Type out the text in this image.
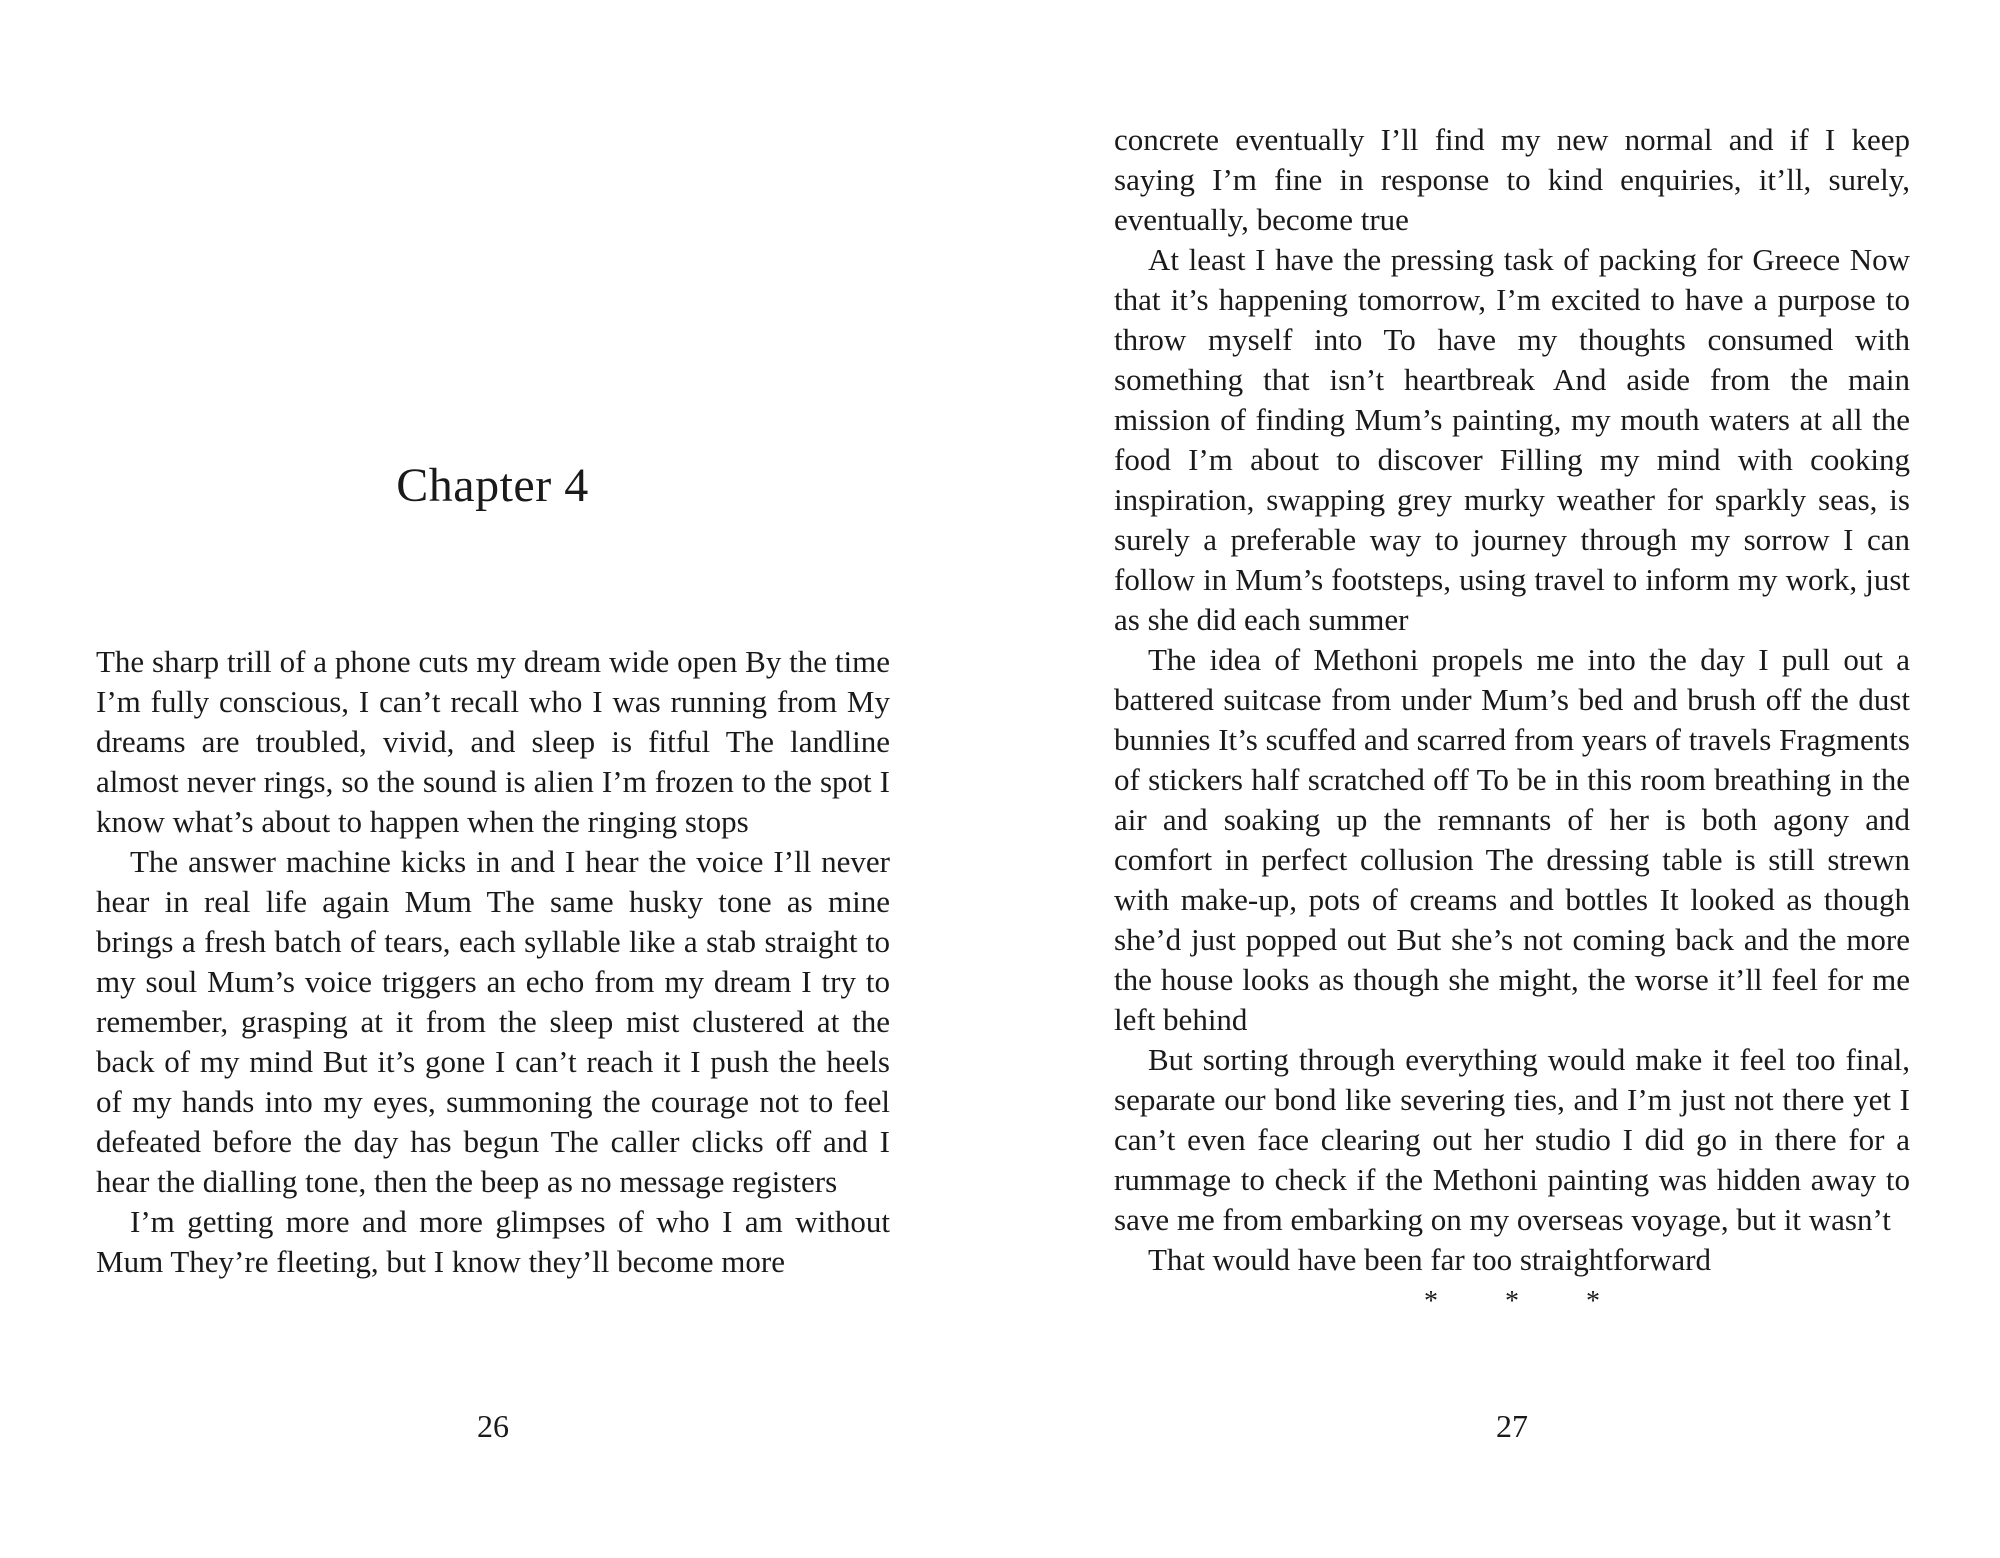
Chapter 4

The sharp trill of a phone cuts my dream wide open By the time I’m fully conscious, I can’t recall who I was running from My dreams are troubled, vivid, and sleep is fitful The landline almost never rings, so the sound is alien I’m frozen to the spot I know what’s about to happen when the ringing stops

The answer machine kicks in and I hear the voice I’ll never hear in real life again Mum The same husky tone as mine brings a fresh batch of tears, each syllable like a stab straight to my soul Mum’s voice triggers an echo from my dream I try to remember, grasping at it from the sleep mist clustered at the back of my mind But it’s gone I can’t reach it I push the heels of my hands into my eyes, summoning the courage not to feel defeated before the day has begun The caller clicks off and I hear the dialling tone, then the beep as no message registers

I’m getting more and more glimpses of who I am without Mum They’re fleeting, but I know they’ll become more

26

concrete eventually I’ll find my new normal and if I keep saying I’m fine in response to kind enquiries, it’ll, surely, eventually, become true

At least I have the pressing task of packing for Greece Now that it’s happening tomorrow, I’m excited to have a purpose to throw myself into To have my thoughts consumed with something that isn’t heartbreak And aside from the main mission of finding Mum’s painting, my mouth waters at all the food I’m about to discover Filling my mind with cooking inspiration, swapping grey murky weather for sparkly seas, is surely a preferable way to journey through my sorrow I can follow in Mum’s footsteps, using travel to inform my work, just as she did each summer

The idea of Methoni propels me into the day I pull out a battered suitcase from under Mum’s bed and brush off the dust bunnies It’s scuffed and scarred from years of travels Fragments of stickers half scratched off To be in this room breathing in the air and soaking up the remnants of her is both agony and comfort in perfect collusion The dressing table is still strewn with make-up, pots of creams and bottles It looked as though she’d just popped out But she’s not coming back and the more the house looks as though she might, the worse it’ll feel for me left behind

But sorting through everything would make it feel too final, separate our bond like severing ties, and I’m just not there yet I can’t even face clearing out her studio I did go in there for a rummage to check if the Methoni painting was hidden away to save me from embarking on my overseas voyage, but it wasn’t

That would have been far too straightforward

* * *
27
